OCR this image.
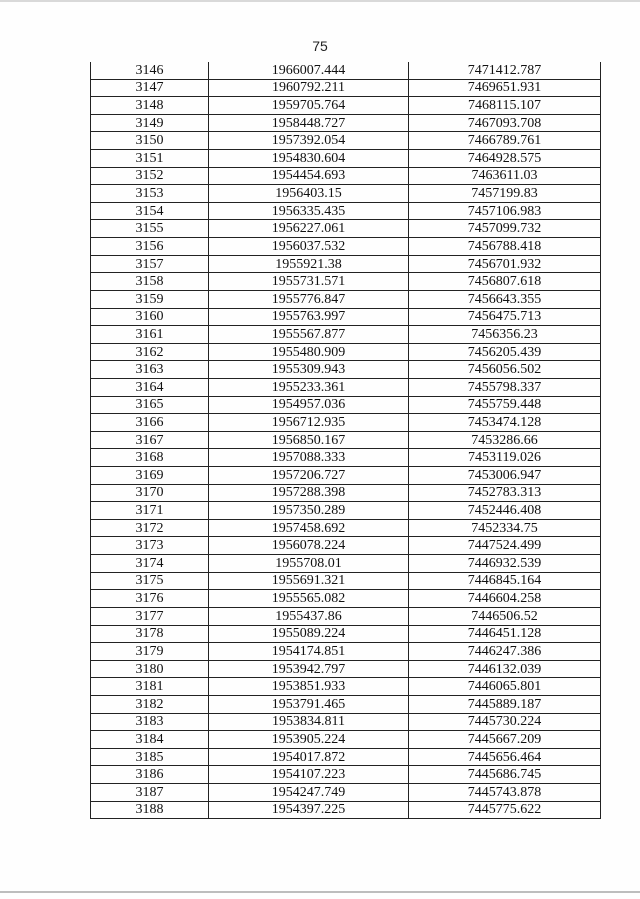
75
3146	1966007.444	7471412.787
3147	1960792.211	7469651.931
3148	1959705.764	7468115.107
3149	1958448.727	7467093.708
3150	1957392.054	7466789.761
3151	1954830.604	7464928.575
3152	1954454.693	7463611.03
3153	1956403.15	7457199.83
3154	1956335.435	7457106.983
3155	1956227.061	7457099.732
3156	1956037.532	7456788.418
3157	1955921.38	7456701.932
3158	1955731.571	7456807.618
3159	1955776.847	7456643.355
3160	1955763.997	7456475.713
3161	1955567.877	7456356.23
3162	1955480.909	7456205.439
3163	1955309.943	7456056.502
3164	1955233.361	7455798.337
3165	1954957.036	7455759.448
3166	1956712.935	7453474.128
3167	1956850.167	7453286.66
3168	1957088.333	7453119.026
3169	1957206.727	7453006.947
3170	1957288.398	7452783.313
3171	1957350.289	7452446.408
3172	1957458.692	7452334.75
3173	1956078.224	7447524.499
3174	1955708.01	7446932.539
3175	1955691.321	7446845.164
3176	1955565.082	7446604.258
3177	1955437.86	7446506.52
3178	1955089.224	7446451.128
3179	1954174.851	7446247.386
3180	1953942.797	7446132.039
3181	1953851.933	7446065.801
3182	1953791.465	7445889.187
3183	1953834.811	7445730.224
3184	1953905.224	7445667.209
3185	1954017.872	7445656.464
3186	1954107.223	7445686.745
3187	1954247.749	7445743.878
3188	1954397.225	7445775.622
